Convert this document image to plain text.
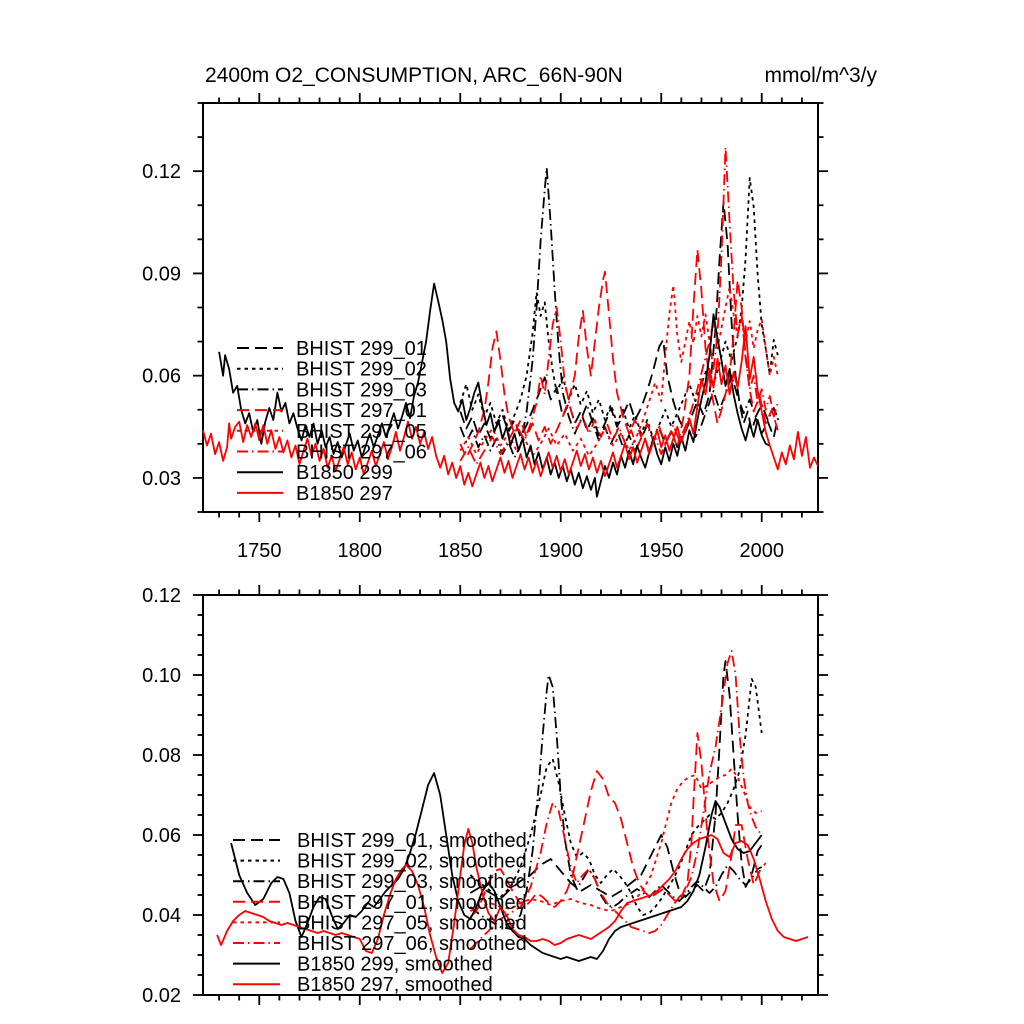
1750	1800	1850	1900	1950	2000
0.03
0.06
0.09
0.12
2400m O2_CONSUMPTION, ARC_66N-90N	mmol/m^3/y
BHIST 299_01
BHIST 299_02
BHIST 299_03
BHIST 297_01
BHIST 297_05
BHIST 297_06
B1850 299
B1850 297
0.02
0.04
0.06
0.08
0.10
0.12
BHIST 299_01, smoothed
BHIST 299_02, smoothed
BHIST 299_03, smoothed
BHIST 297_01, smoothed
BHIST 297_05, smoothed
BHIST 297_06, smoothed
B1850 299, smoothed
B1850 297, smoothed
